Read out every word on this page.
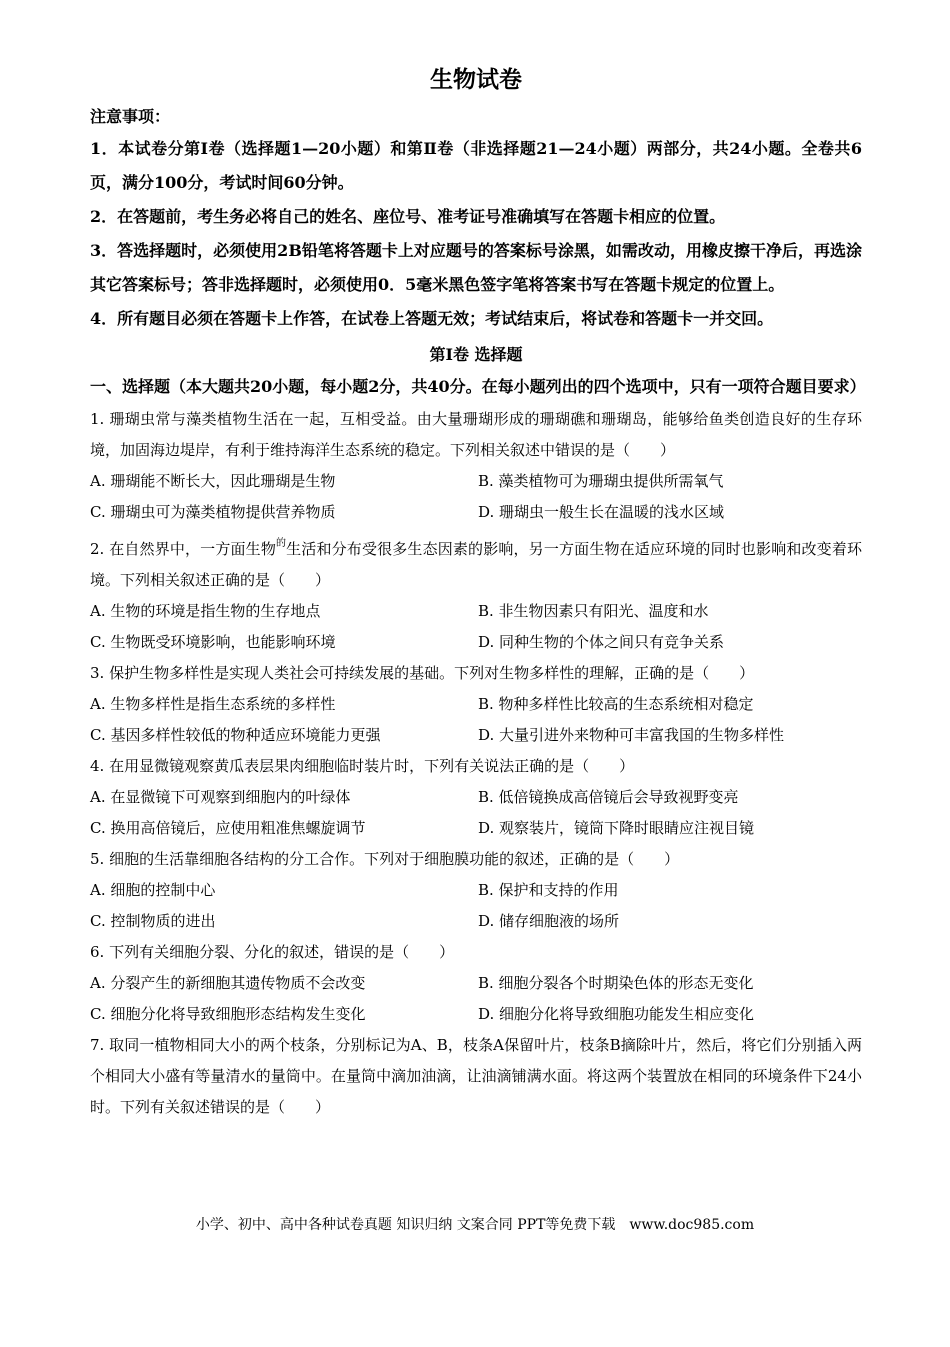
生物试卷
注意事项：

1．本试卷分第Ⅰ卷（选择题1—20小题）和第Ⅱ卷（非选择题21—24小题）两部分，共24小题。全卷共6页，满分100分，考试时间60分钟。

2．在答题前，考生务必将自己的姓名、座位号、准考证号准确填写在答题卡相应的位置。

3．答选择题时，必须使用2B铅笔将答题卡上对应题号的答案标号涂黑，如需改动，用橡皮擦干净后，再选涂其它答案标号；答非选择题时，必须使用0．5毫米黑色签字笔将答案书写在答题卡规定的位置上。

4．所有题目必须在答题卡上作答，在试卷上答题无效；考试结束后，将试卷和答题卡一并交回。

第Ⅰ卷 选择题

一、选择题（本大题共20小题，每小题2分，共40分。在每小题列出的四个选项中，只有一项符合题目要求）

1. 珊瑚虫常与藻类植物生活在一起，互相受益。由大量珊瑚形成的珊瑚礁和珊瑚岛，能够给鱼类创造良好的生存环境，加固海边堤岸，有利于维持海洋生态系统的稳定。下列相关叙述中错误的是（　　）

A. 珊瑚能不断长大，因此珊瑚是生物	B. 藻类植物可为珊瑚虫提供所需氧气
C. 珊瑚虫可为藻类植物提供营养物质	D. 珊瑚虫一般生长在温暖的浅水区域

2. 在自然界中，一方面生物$^的$生活和分布受很多生态因素的影响，另一方面生物在适应环境的同时也影响和改变着环境。下列相关叙述正确的是（　　）

A. 生物的环境是指生物的生存地点	B. 非生物因素只有阳光、温度和水
C. 生物既受环境影响，也能影响环境	D. 同种生物的个体之间只有竞争关系

3. 保护生物多样性是实现人类社会可持续发展的基础。下列对生物多样性的理解，正确的是（　　）

A. 生物多样性是指生态系统的多样性	B. 物种多样性比较高的生态系统相对稳定
C. 基因多样性较低的物种适应环境能力更强	D. 大量引进外来物种可丰富我国的生物多样性

4. 在用显微镜观察黄瓜表层果肉细胞临时装片时，下列有关说法正确的是（　　）

A. 在显微镜下可观察到细胞内的叶绿体	B. 低倍镜换成高倍镜后会导致视野变亮
C. 换用高倍镜后，应使用粗准焦螺旋调节	D. 观察装片，镜筒下降时眼睛应注视目镜

5. 细胞的生活靠细胞各结构的分工合作。下列对于细胞膜功能的叙述，正确的是（　　）

A. 细胞的控制中心	B. 保护和支持的作用
C. 控制物质的进出	D. 储存细胞液的场所

6. 下列有关细胞分裂、分化的叙述，错误的是（　　）

A. 分裂产生的新细胞其遗传物质不会改变	B. 细胞分裂各个时期染色体的形态无变化
C. 细胞分化将导致细胞形态结构发生变化	D. 细胞分化将导致细胞功能发生相应变化

7. 取同一植物相同大小的两个枝条，分别标记为A、B，枝条A保留叶片，枝条B摘除叶片，然后，将它们分别插入两个相同大小盛有等量清水的量筒中。在量筒中滴加油滴，让油滴铺满水面。将这两个装置放在相同的环境条件下24小时。下列有关叙述错误的是（　　）

小学、初中、高中各种试卷真题 知识归纳 文案合同 PPT等免费下载　www.doc985.com
